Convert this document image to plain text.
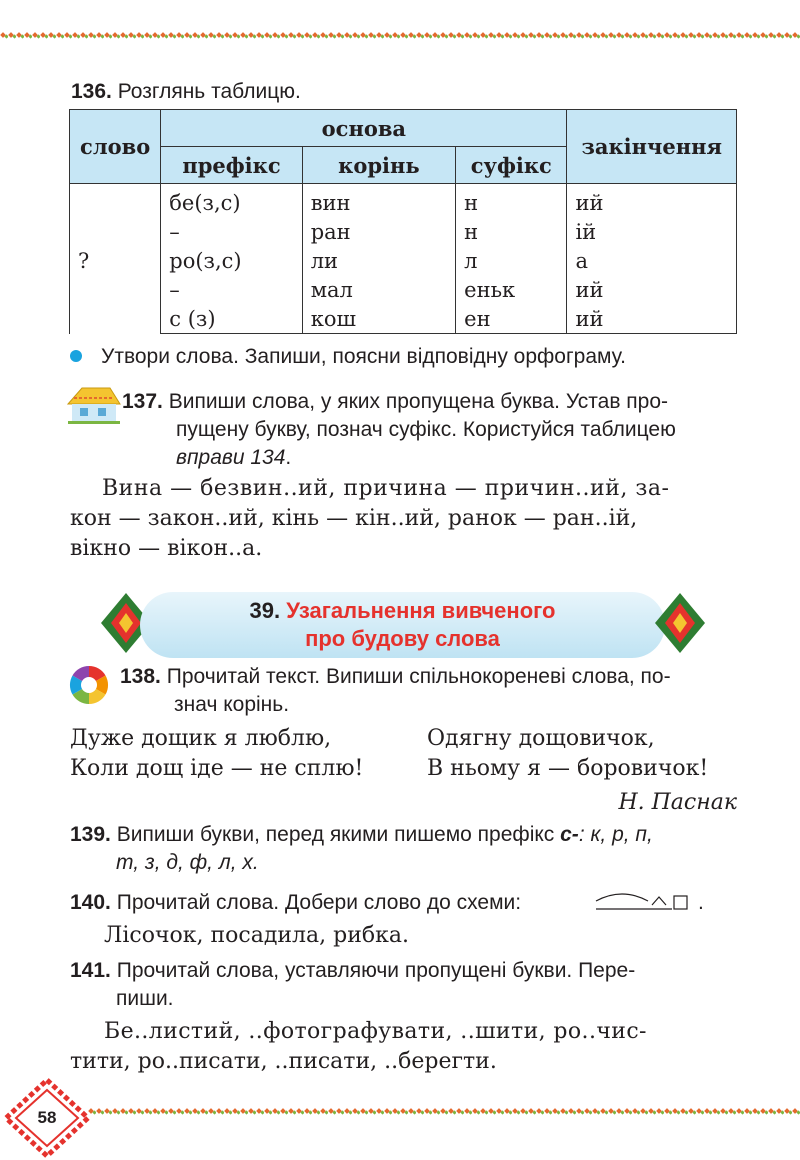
136. Розглянь таблицю.
слово	основа			закінчення
	префікс	корінь	суфікс	
?	бе(з,с)	вин	н	ий
	–	ран	н	ій
	ро(з,с)	ли	л	а
	–	мал	еньк	ий
	с (з)	кош	ен	ий
Утвори слова. Запиши, поясни відповідну орфограму.
137. Випиши слова, у яких пропущена буква. Устав про-
пущену букву, познач суфікс. Користуйся таблицею
вправи 134.
Вина — безвин..ий, причина — причин..ий, за-
кон — закон..ий, кінь — кін..ий, ранок — ран..ій,
вікно — вікон..а.
39. Узагальнення вивченого
про будову слова
138. Прочитай текст. Випиши спільнокореневі слова, по-
знач корінь.
Дуже дощик я люблю,
Коли дощ іде — не сплю!
Одягну дощовичок,
В ньому я — боровичок!
Н. Паснак
139. Випиши букви, перед якими пишемо префікс с-: к, р, п,
т, з, д, ф, л, х.
140. Прочитай слова. Добери слово до схеми:	.
Лісочок, посадила, рибка.
141. Прочитай слова, уставляючи пропущені букви. Пере-
пиши.
Бе..листий, ..фотографувати, ..шити, ро..чис-
тити, ро..писати, ..писати, ..берегти.
58
